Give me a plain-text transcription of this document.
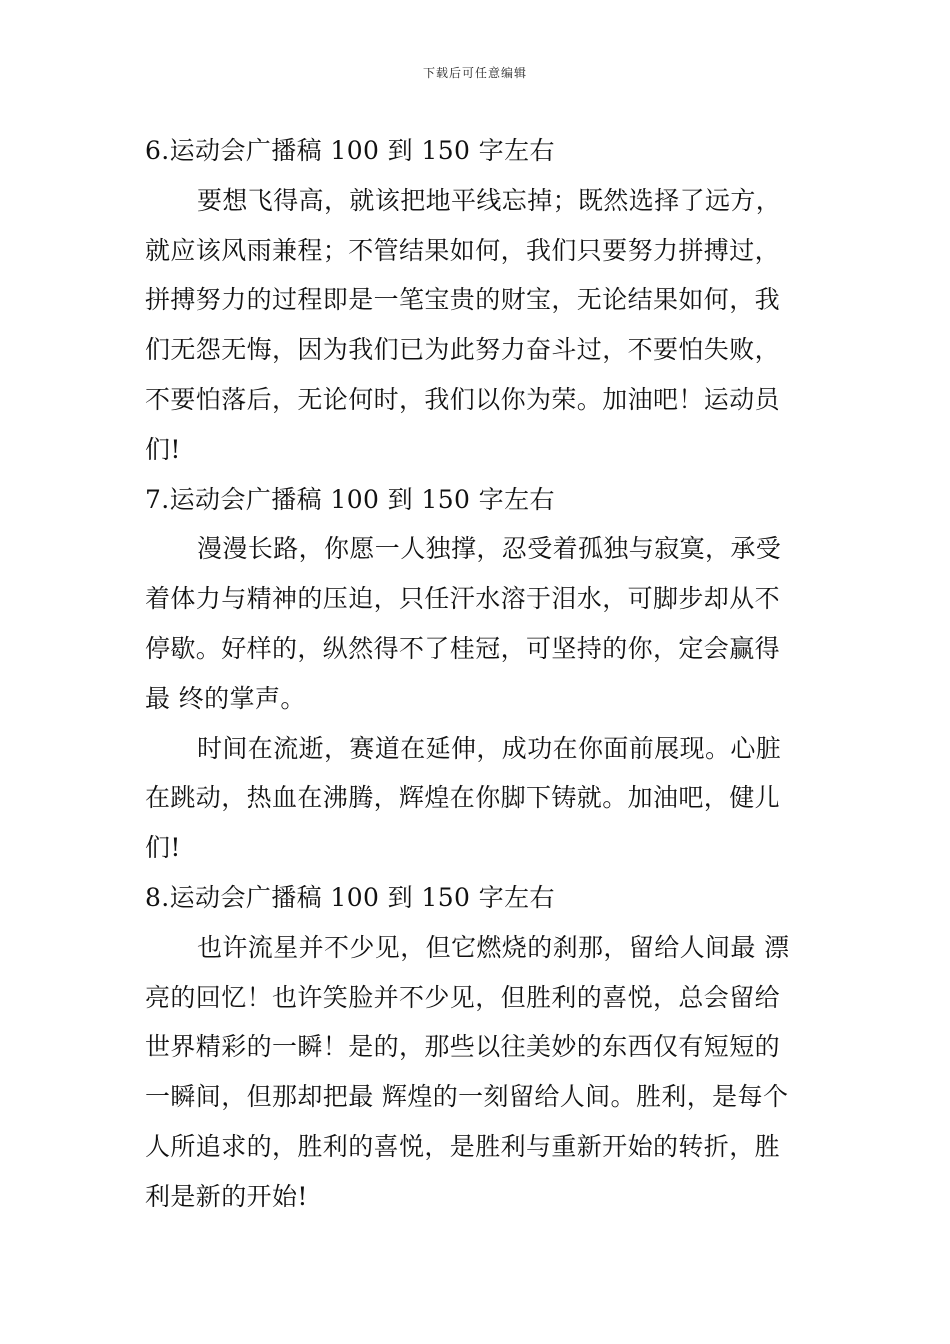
下载后可任意编辑
6.运动会广播稿 100 到 150 字左右
要想飞得高，就该把地平线忘掉；既然选择了远方，
就应该风雨兼程；不管结果如何，我们只要努力拼搏过，
拼搏努力的过程即是一笔宝贵的财宝，无论结果如何，我
们无怨无悔，因为我们已为此努力奋斗过，不要怕失败，
不要怕落后，无论何时，我们以你为荣。加油吧！运动员
们!
7.运动会广播稿 100 到 150 字左右
漫漫长路，你愿一人独撑，忍受着孤独与寂寞，承受
着体力与精神的压迫，只任汗水溶于泪水，可脚步却从不
停歇。好样的，纵然得不了桂冠，可坚持的你，定会赢得
最 终的掌声。
时间在流逝，赛道在延伸，成功在你面前展现。心脏
在跳动，热血在沸腾，辉煌在你脚下铸就。加油吧，健儿
们!
8.运动会广播稿 100 到 150 字左右
也许流星并不少见，但它燃烧的刹那，留给人间最 漂
亮的回忆！也许笑脸并不少见，但胜利的喜悦，总会留给
世界精彩的一瞬！是的，那些以往美妙的东西仅有短短的
一瞬间，但那却把最 辉煌的一刻留给人间。胜利，是每个
人所追求的，胜利的喜悦，是胜利与重新开始的转折，胜
利是新的开始!
